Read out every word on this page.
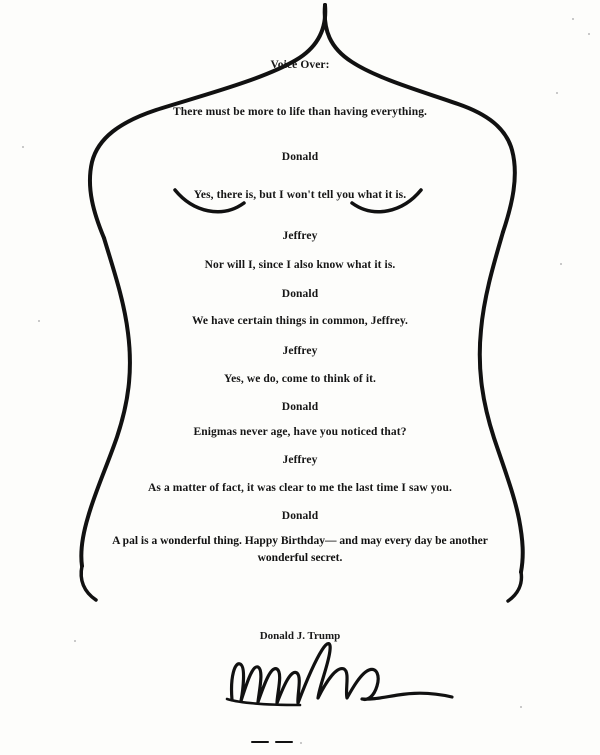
Voice Over:
There must be more to life than having everything.
Donald
Yes, there is, but I won't tell you what it is.
Jeffrey
Nor will I, since I also know what it is.
Donald
We have certain things in common, Jeffrey.
Jeffrey
Yes, we do, come to think of it.
Donald
Enigmas never age, have you noticed that?
Jeffrey
As a matter of fact, it was clear to me the last time I saw you.
Donald
A pal is a wonderful thing. Happy Birthday— and may every day be another
wonderful secret.
Donald J. Trump
